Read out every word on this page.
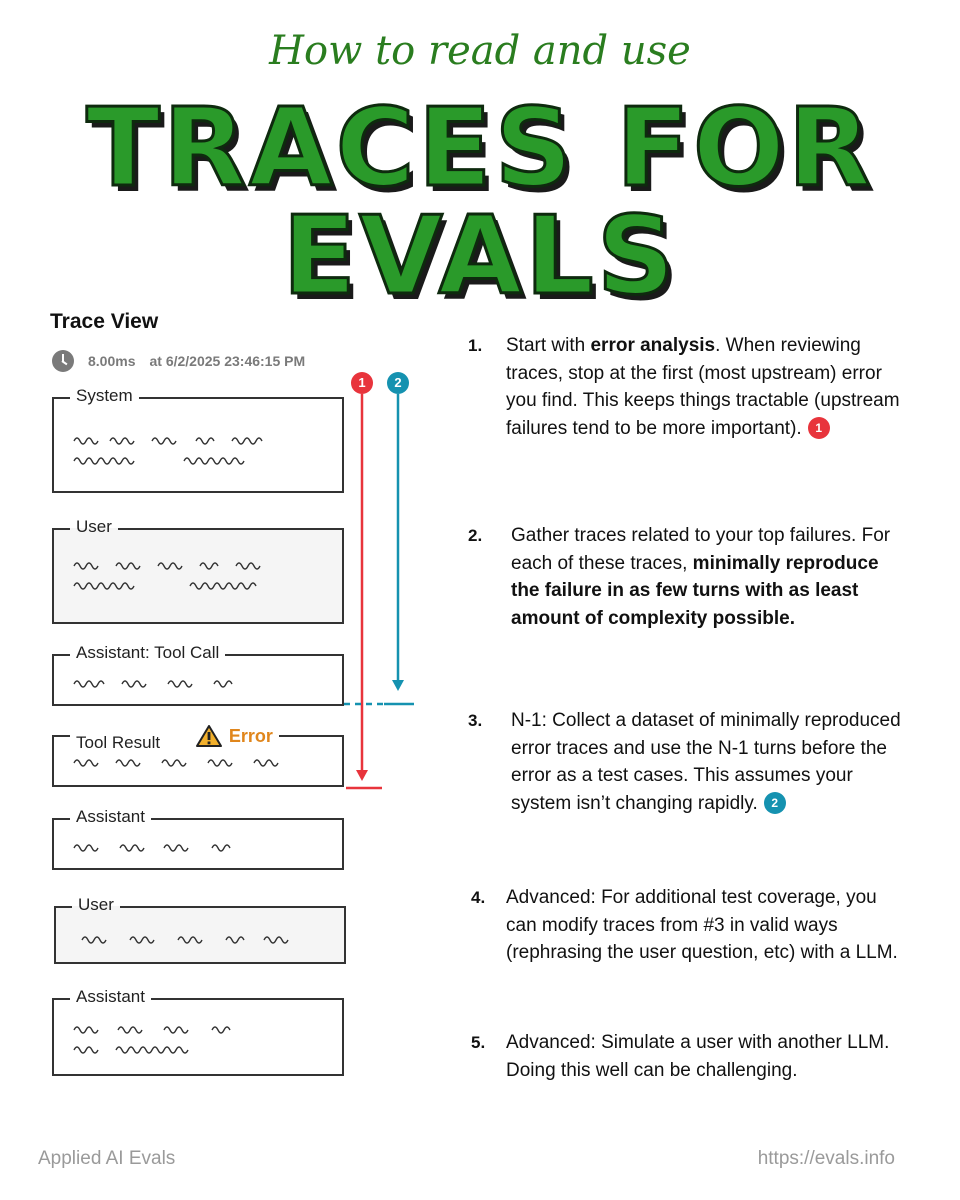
How to read and use
TRACES FOR EVALS
Trace View
8.00ms at 6/2/2025 23:46:15 PM
System
User
Assistant: Tool Call
Tool Result	Error
Assistant
User
Assistant
1	2
1. Start with error analysis. When reviewing traces, stop at the first (most upstream) error you find. This keeps things tractable (upstream failures tend to be more important). 1
2. Gather traces related to your top failures. For each of these traces, minimally reproduce the failure in as few turns with as least amount of complexity possible.
3. N-1: Collect a dataset of minimally reproduced error traces and use the N-1 turns before the error as a test cases. This assumes your system isn’t changing rapidly. 2
4. Advanced: For additional test coverage, you can modify traces from #3 in valid ways (rephrasing the user question, etc) with a LLM.
5. Advanced: Simulate a user with another LLM. Doing this well can be challenging.
Applied AI Evals	https://evals.info
